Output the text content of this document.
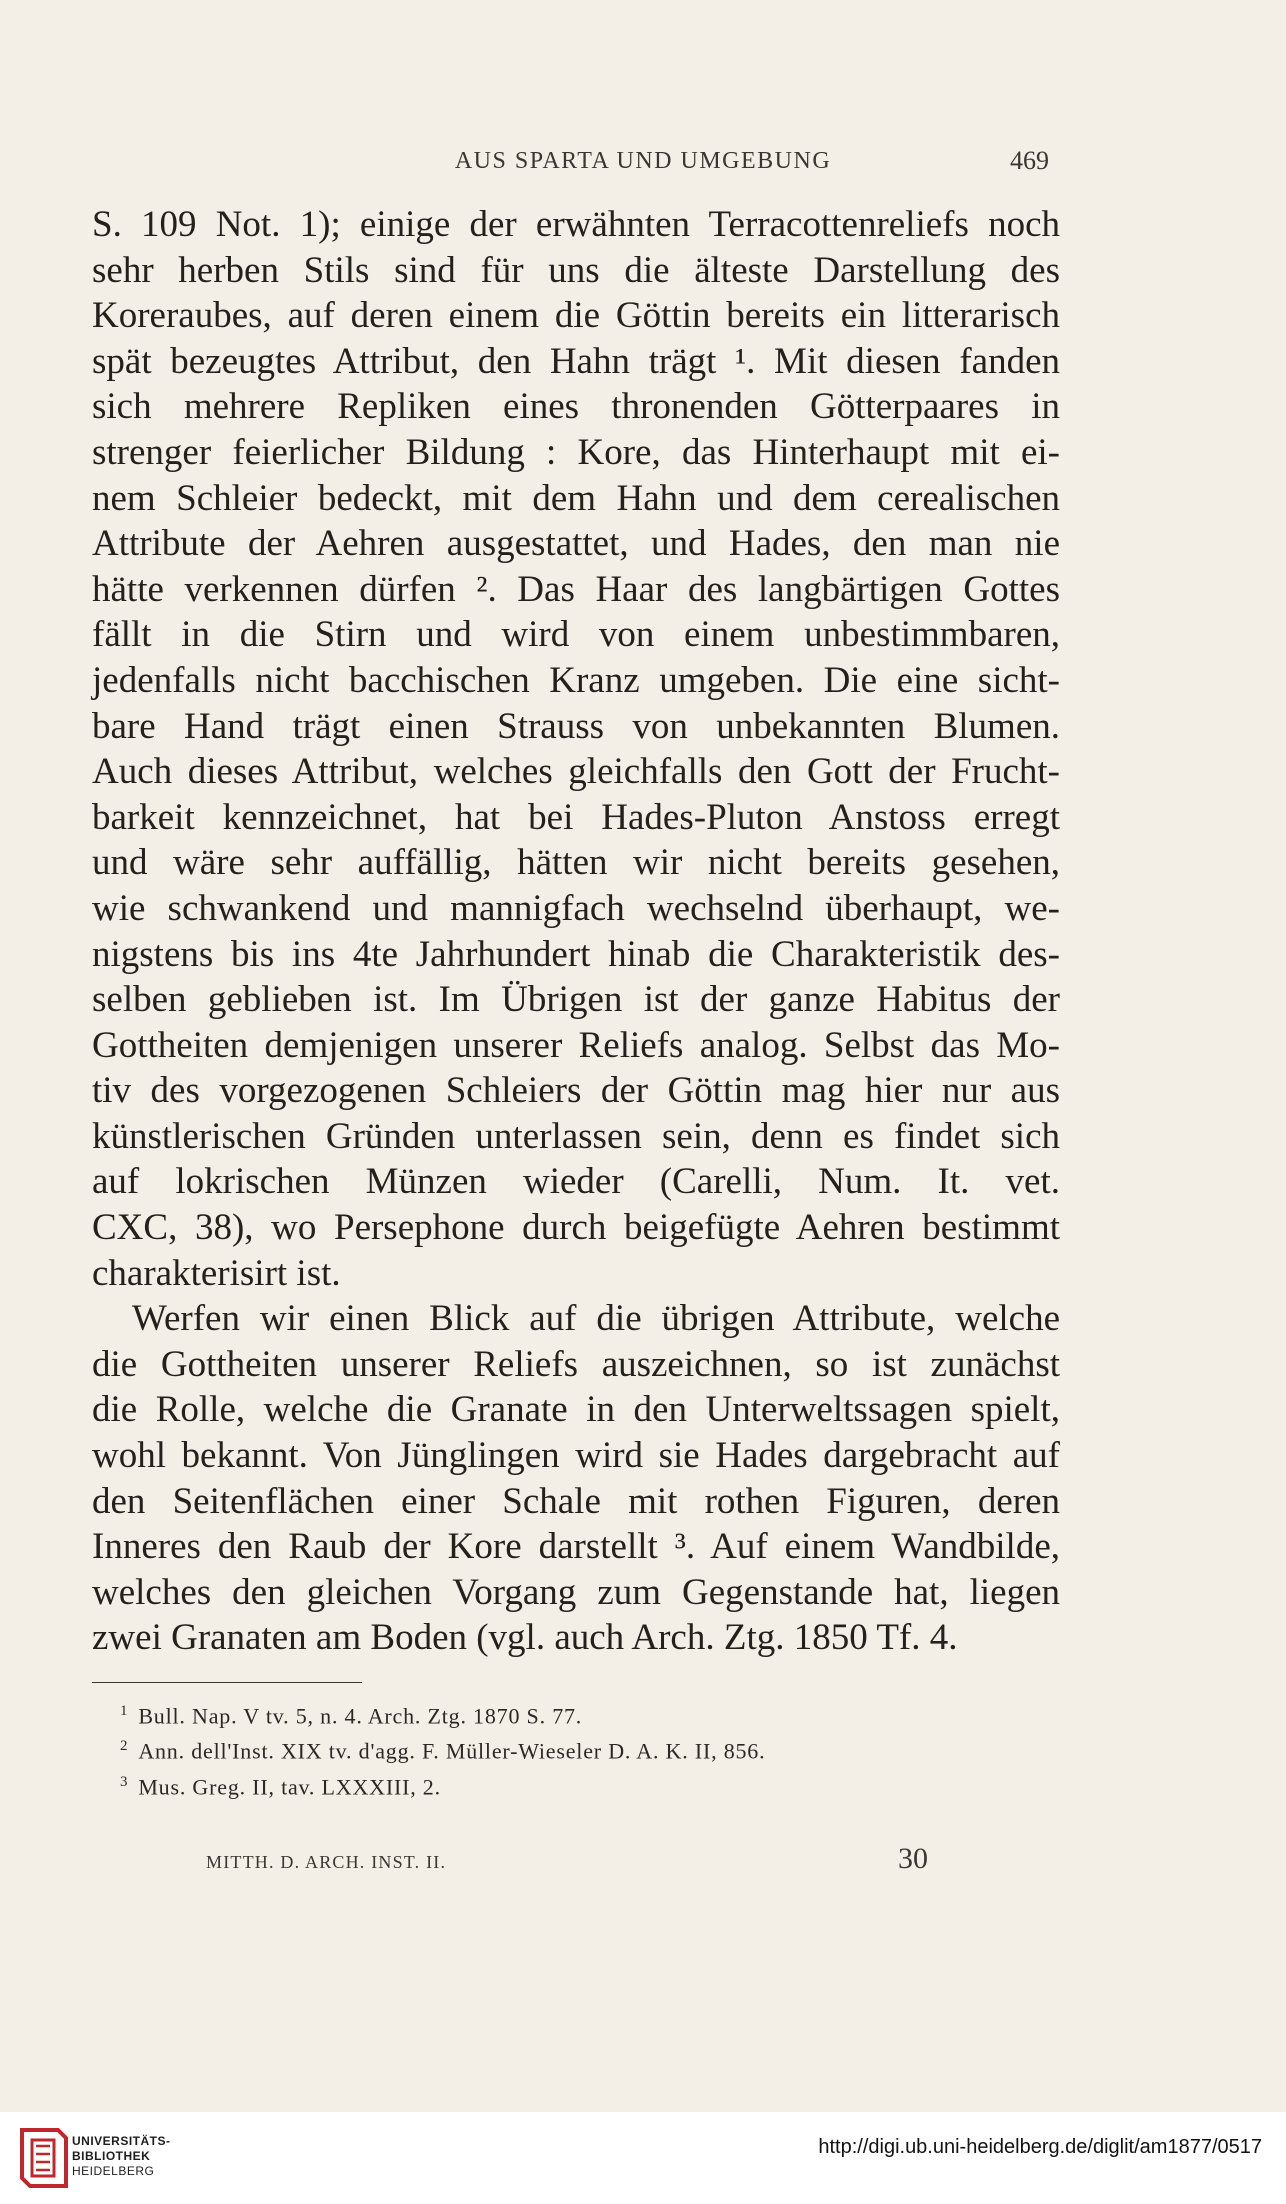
AUS SPARTA UND UMGEBUNG	469
S. 109 Not. 1); einige der erwähnten Terracottenreliefs noch
sehr herben Stils sind für uns die älteste Darstellung des
Koreraubes, auf deren einem die Göttin bereits ein litterarisch
spät bezeugtes Attribut, den Hahn trägt ¹. Mit diesen fanden
sich mehrere Repliken eines thronenden Götterpaares in
strenger feierlicher Bildung : Kore, das Hinterhaupt mit ei-
nem Schleier bedeckt, mit dem Hahn und dem cerealischen
Attribute der Aehren ausgestattet, und Hades, den man nie
hätte verkennen dürfen ². Das Haar des langbärtigen Gottes
fällt in die Stirn und wird von einem unbestimmbaren,
jedenfalls nicht bacchischen Kranz umgeben. Die eine sicht-
bare Hand trägt einen Strauss von unbekannten Blumen.
Auch dieses Attribut, welches gleichfalls den Gott der Frucht-
barkeit kennzeichnet, hat bei Hades-Pluton Anstoss erregt
und wäre sehr auffällig, hätten wir nicht bereits gesehen,
wie schwankend und mannigfach wechselnd überhaupt, we-
nigstens bis ins 4te Jahrhundert hinab die Charakteristik des-
selben geblieben ist. Im Übrigen ist der ganze Habitus der
Gottheiten demjenigen unserer Reliefs analog. Selbst das Mo-
tiv des vorgezogenen Schleiers der Göttin mag hier nur aus
künstlerischen Gründen unterlassen sein, denn es findet sich
auf lokrischen Münzen wieder (Carelli, Num. It. vet.
CXC, 38), wo Persephone durch beigefügte Aehren bestimmt
charakterisirt ist.
Werfen wir einen Blick auf die übrigen Attribute, welche
die Gottheiten unserer Reliefs auszeichnen, so ist zunächst
die Rolle, welche die Granate in den Unterweltssagen spielt,
wohl bekannt. Von Jünglingen wird sie Hades dargebracht auf
den Seitenflächen einer Schale mit rothen Figuren, deren
Inneres den Raub der Kore darstellt ³. Auf einem Wandbilde,
welches den gleichen Vorgang zum Gegenstande hat, liegen
zwei Granaten am Boden (vgl. auch Arch. Ztg. 1850 Tf. 4.
$^1$ Bull. Nap. V tv. 5, n. 4. Arch. Ztg. 1870 S. 77.
$^2$ Ann. dell'Inst. XIX tv. d'agg. F. Müller-Wieseler D. A. K. II, 856.
$^3$ Mus. Greg. II, tav. LXXXIII, 2.
MITTH. D. ARCH. INST. II.	30
UNIVERSITÄTS-
BIBLIOTHEK
HEIDELBERG
http://digi.ub.uni-heidelberg.de/diglit/am1877/0517
